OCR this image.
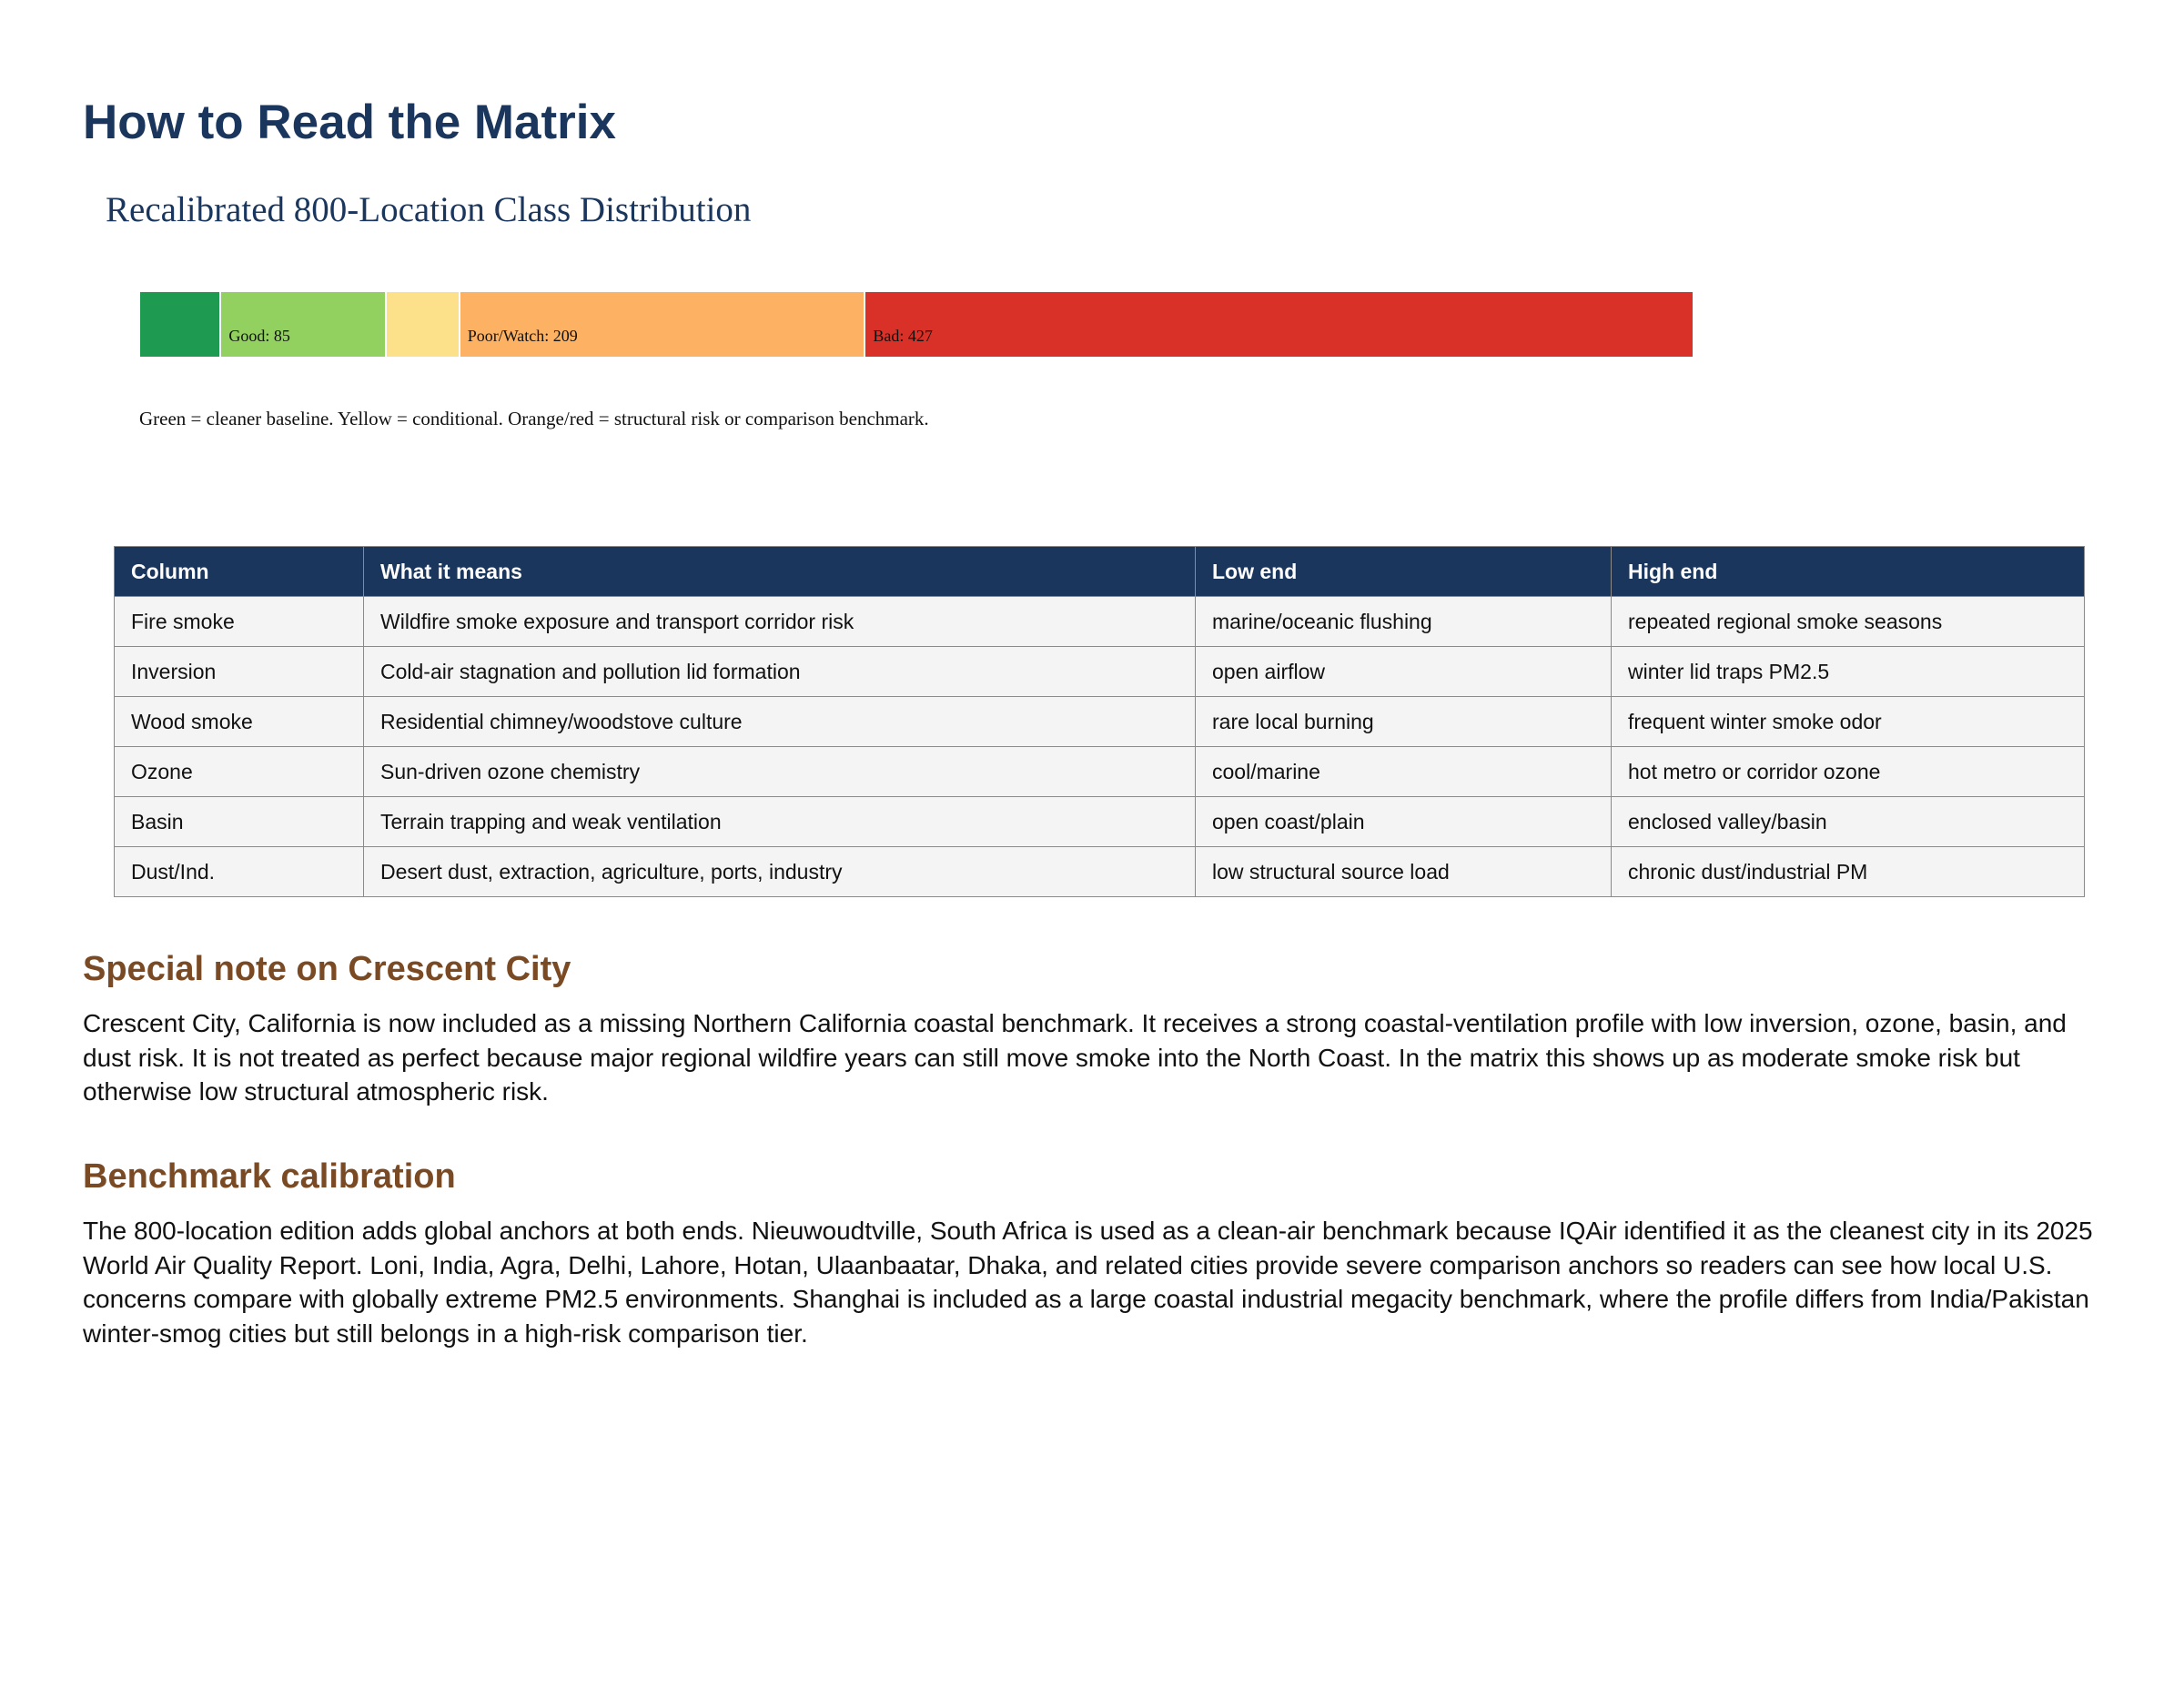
How to Read the Matrix
Recalibrated 800-Location Class Distribution
Good: 85	Poor/Watch: 209	Bad: 427
Green = cleaner baseline. Yellow = conditional. Orange/red = structural risk or comparison benchmark.
Column	What it means	Low end	High end
Fire smoke	Wildfire smoke exposure and transport corridor risk	marine/oceanic flushing	repeated regional smoke seasons
Inversion	Cold-air stagnation and pollution lid formation	open airflow	winter lid traps PM2.5
Wood smoke	Residential chimney/woodstove culture	rare local burning	frequent winter smoke odor
Ozone	Sun-driven ozone chemistry	cool/marine	hot metro or corridor ozone
Basin	Terrain trapping and weak ventilation	open coast/plain	enclosed valley/basin
Dust/Ind.	Desert dust, extraction, agriculture, ports, industry	low structural source load	chronic dust/industrial PM
Special note on Crescent City

Crescent City, California is now included as a missing Northern California coastal benchmark. It receives a strong coastal-ventilation profile with low inversion, ozone, basin, and dust risk. It is not treated as perfect because major regional wildfire years can still move smoke into the North Coast. In the matrix this shows up as moderate smoke risk but otherwise low structural atmospheric risk.

Benchmark calibration

The 800-location edition adds global anchors at both ends. Nieuwoudtville, South Africa is used as a clean-air benchmark because IQAir identified it as the cleanest city in its 2025 World Air Quality Report. Loni, India, Agra, Delhi, Lahore, Hotan, Ulaanbaatar, Dhaka, and related cities provide severe comparison anchors so readers can see how local U.S. concerns compare with globally extreme PM2.5 environments. Shanghai is included as a large coastal industrial megacity benchmark, where the profile differs from India/Pakistan winter-smog cities but still belongs in a high-risk comparison tier.
